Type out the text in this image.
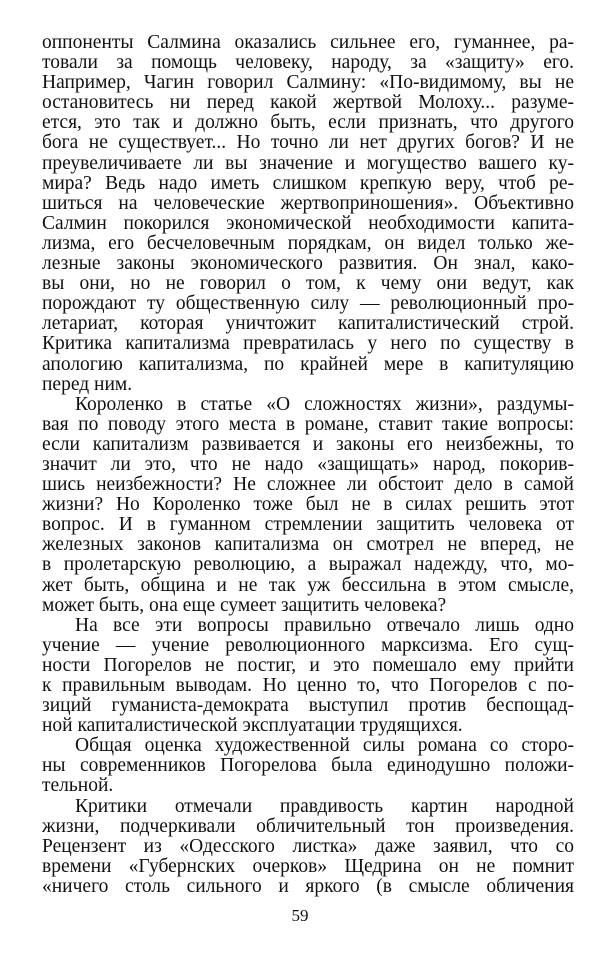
оппоненты Салмина оказались сильнее его, гуманнее, ра-
товали за помощь человеку, народу, за «защиту» его.
Например, Чагин говорил Салмину: «По-видимому, вы не
остановитесь ни перед какой жертвой Молоху... разуме-
ется, это так и должно быть, если признать, что другого
бога не существует... Но точно ли нет других богов? И не
преувеличиваете ли вы значение и могущество вашего ку-
мира? Ведь надо иметь слишком крепкую веру, чтоб ре-
шиться на человеческие жертвоприношения». Объективно
Салмин покорился экономической необходимости капита-
лизма, его бесчеловечным порядкам, он видел только же-
лезные законы экономического развития. Он знал, како-
вы они, но не говорил о том, к чему они ведут, как
порождают ту общественную силу — революционный про-
летариат, которая уничтожит капиталистический строй.
Критика капитализма превратилась у него по существу в
апологию капитализма, по крайней мере в капитуляцию
перед ним.
Короленко в статье «О сложностях жизни», раздумы-
вая по поводу этого места в романе, ставит такие вопросы:
если капитализм развивается и законы его неизбежны, то
значит ли это, что не надо «защищать» народ, покорив-
шись неизбежности? Не сложнее ли обстоит дело в самой
жизни? Но Короленко тоже был не в силах решить этот
вопрос. И в гуманном стремлении защитить человека от
железных законов капитализма он смотрел не вперед, не
в пролетарскую революцию, а выражал надежду, что, мо-
жет быть, община и не так уж бессильна в этом смысле,
может быть, она еще сумеет защитить человека?
На все эти вопросы правильно отвечало лишь одно
учение — учение революционного марксизма. Его сущ-
ности Погорелов не постиг, и это помешало ему прийти
к правильным выводам. Но ценно то, что Погорелов с по-
зиций гуманиста-демократа выступил против беспощад-
ной капиталистической эксплуатации трудящихся.
Общая оценка художественной силы романа со сторо-
ны современников Погорелова была единодушно положи-
тельной.
Критики отмечали правдивость картин народной
жизни, подчеркивали обличительный тон произведения.
Рецензент из «Одесского листка» даже заявил, что со
времени «Губернских очерков» Щедрина он не помнит
«ничего столь сильного и яркого (в смысле обличения
59
